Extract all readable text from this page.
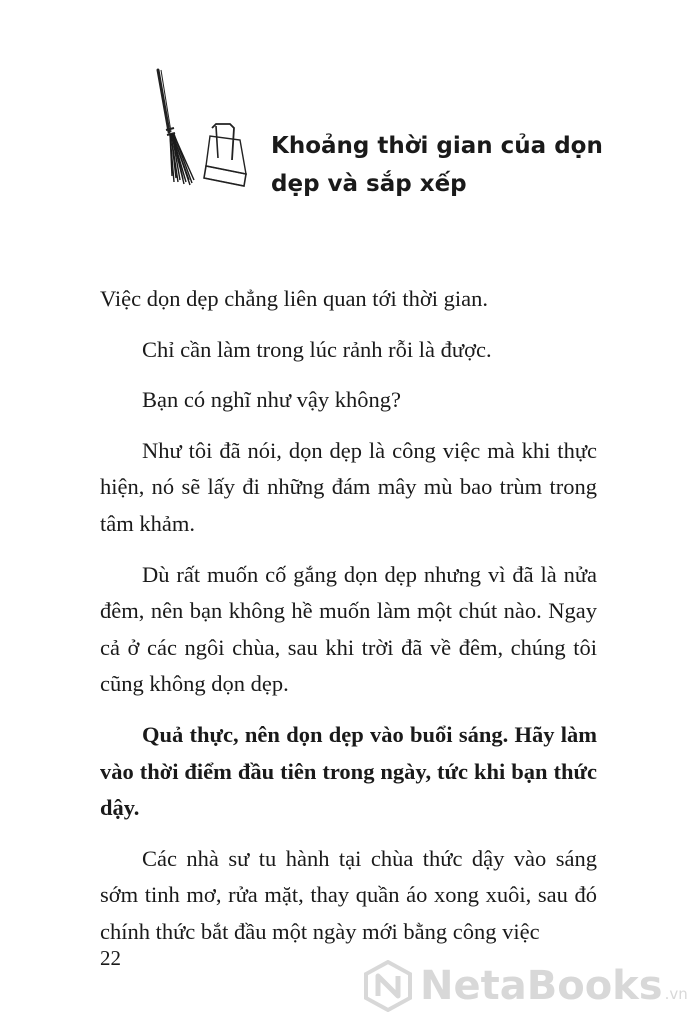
Khoảng thời gian của dọn dẹp và sắp xếp

Việc dọn dẹp chẳng liên quan tới thời gian.

Chỉ cần làm trong lúc rảnh rỗi là được.

Bạn có nghĩ như vậy không?

Như tôi đã nói, dọn dẹp là công việc mà khi thực hiện, nó sẽ lấy đi những đám mây mù bao trùm trong tâm khảm.

Dù rất muốn cố gắng dọn dẹp nhưng vì đã là nửa đêm, nên bạn không hề muốn làm một chút nào. Ngay cả ở các ngôi chùa, sau khi trời đã về đêm, chúng tôi cũng không dọn dẹp.

Quả thực, nên dọn dẹp vào buổi sáng. Hãy làm vào thời điểm đầu tiên trong ngày, tức khi bạn thức dậy.

Các nhà sư tu hành tại chùa thức dậy vào sáng sớm tinh mơ, rửa mặt, thay quần áo xong xuôi, sau đó chính thức bắt đầu một ngày mới bằng công việc

22
NetaBooks .vn
